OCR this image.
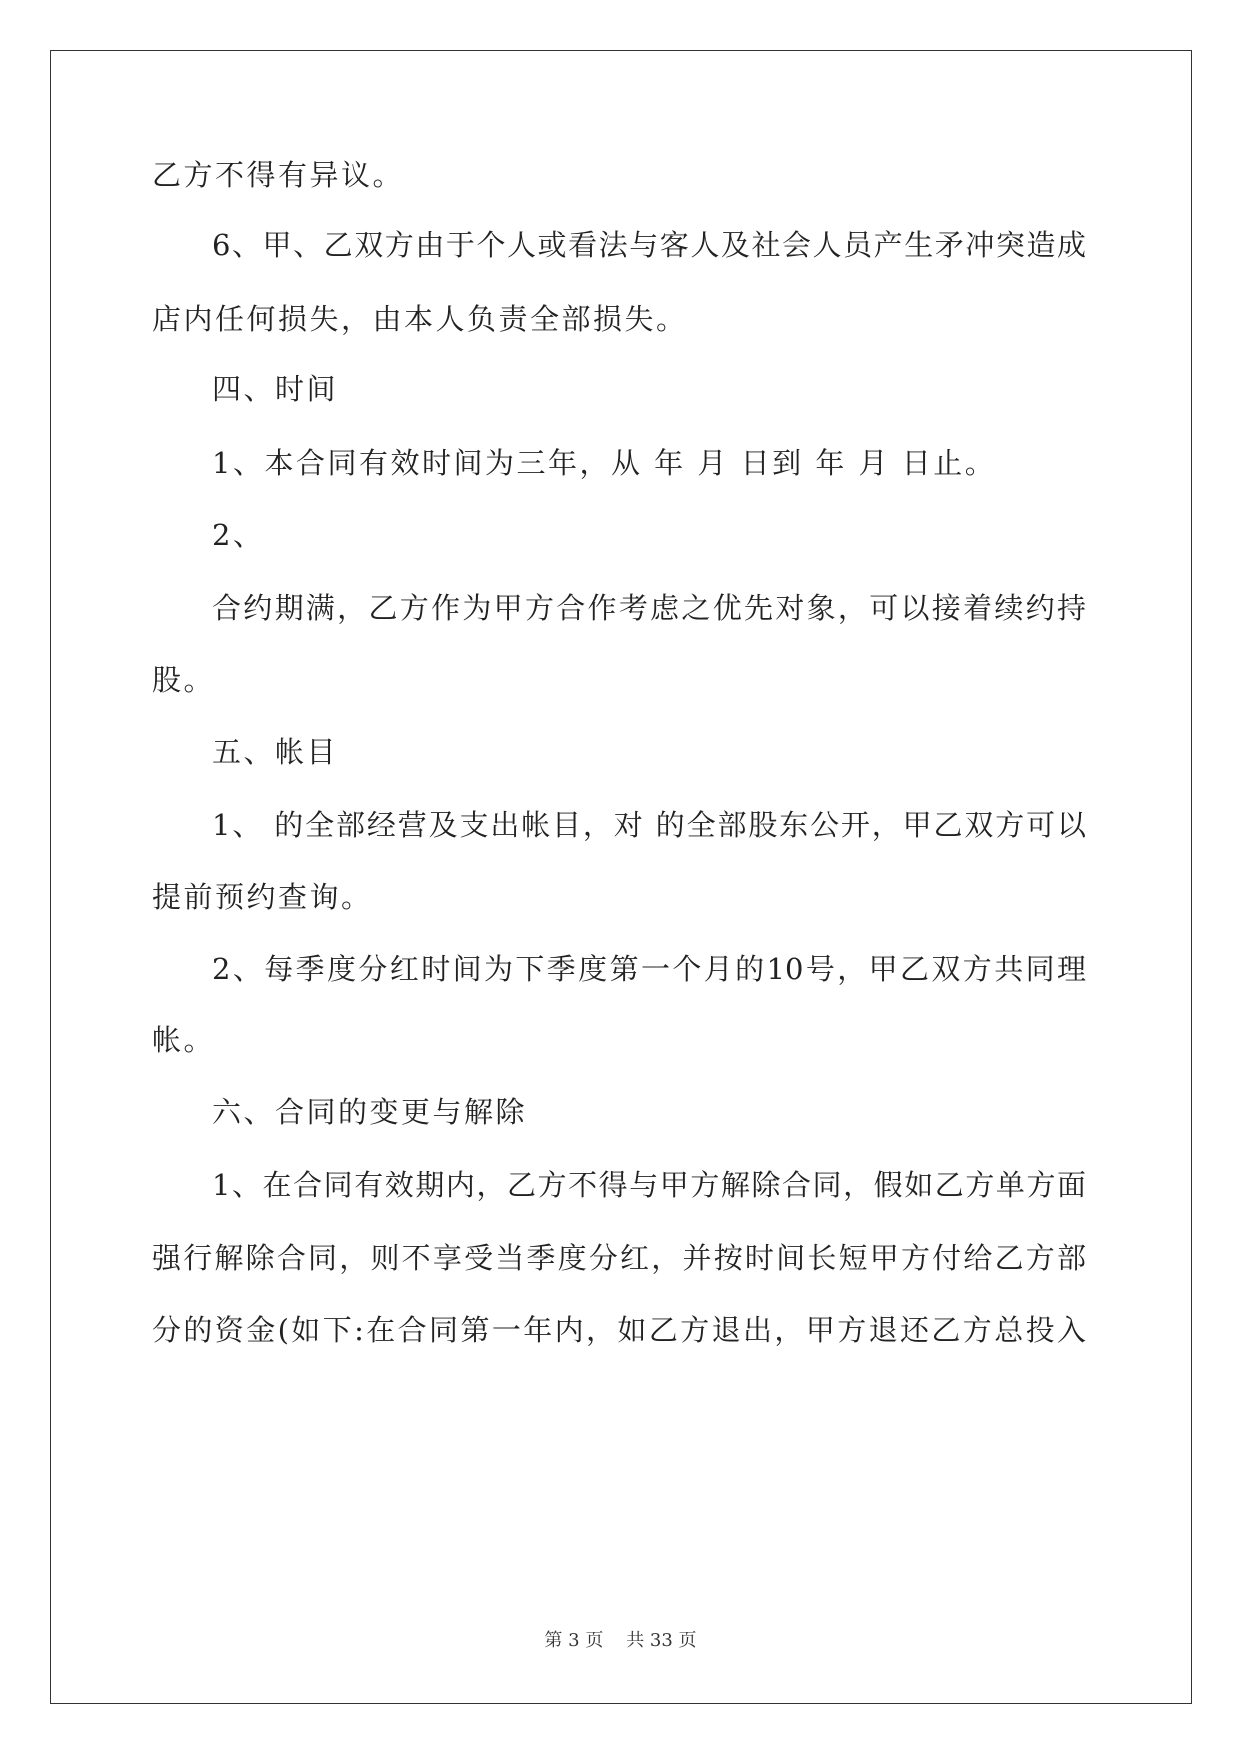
乙方不得有异议。
6、甲、乙双方由于个人或看法与客人及社会人员产生矛冲突造成
店内任何损失，由本人负责全部损失。
四、时间
1、本合同有效时间为三年，从 年 月 日到 年 月 日止。
2、
合约期满，乙方作为甲方合作考虑之优先对象，可以接着续约持
股。
五、帐目
1、 的全部经营及支出帐目，对 的全部股东公开，甲乙双方可以
提前预约查询。
2、每季度分红时间为下季度第一个月的10号，甲乙双方共同理
帐。
六、合同的变更与解除
1、在合同有效期内，乙方不得与甲方解除合同，假如乙方单方面
强行解除合同，则不享受当季度分红，并按时间长短甲方付给乙方部
分的资金(如下:在合同第一年内，如乙方退出，甲方退还乙方总投入
第 3 页    共 33 页
